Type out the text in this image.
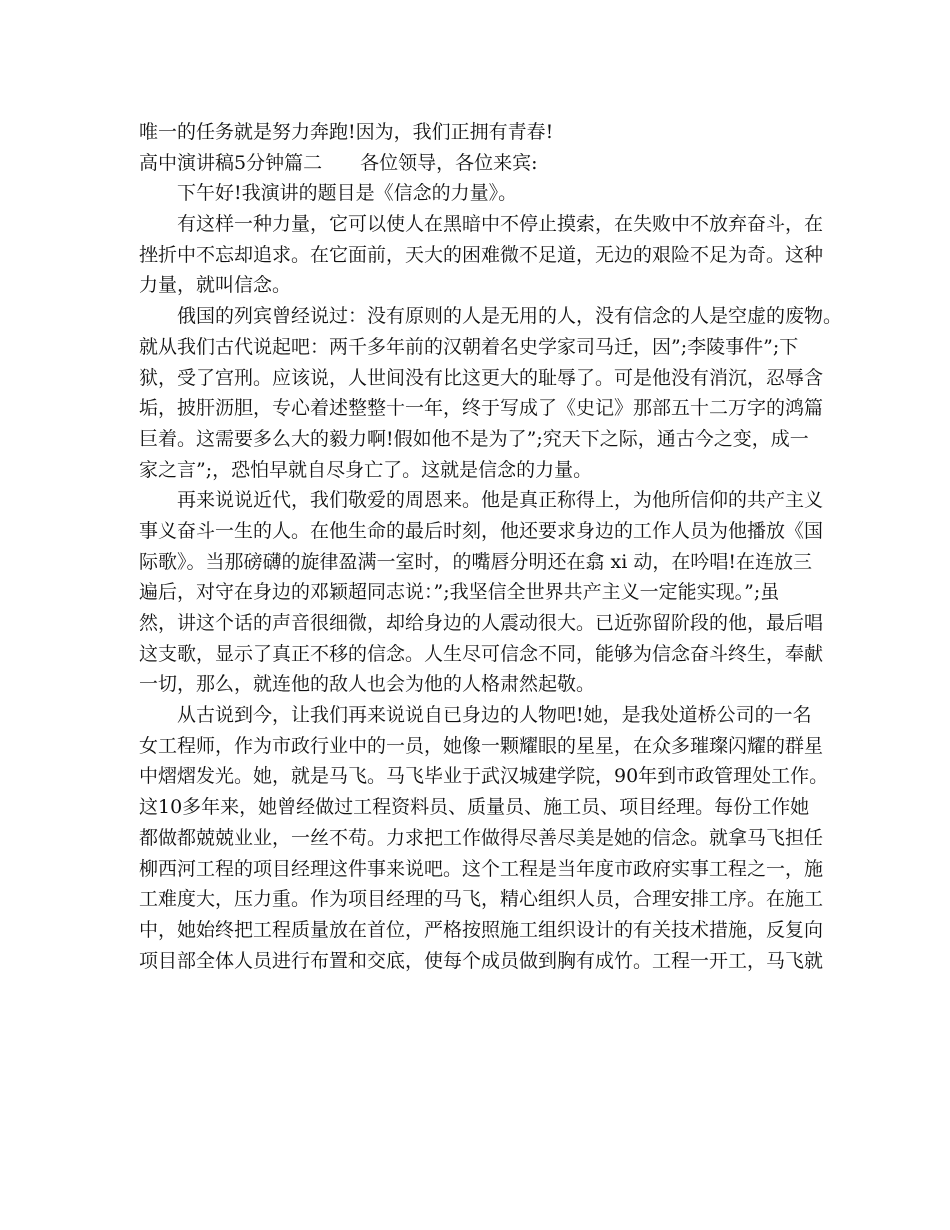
唯一的任务就是努力奔跑!因为，我们正拥有青春!
高中演讲稿5分钟篇二 各位领导，各位来宾:
下午好!我演讲的题目是《信念的力量》。
有这样一种力量，它可以使人在黑暗中不停止摸索，在失败中不放弃奋斗，在
挫折中不忘却追求。在它面前，天大的困难微不足道，无边的艰险不足为奇。这种
力量，就叫信念。
俄国的列宾曾经说过：没有原则的人是无用的人，没有信念的人是空虚的废物。
就从我们古代说起吧：两千多年前的汉朝着名史学家司马迁，因”;李陵事件”;下
狱，受了宫刑。应该说，人世间没有比这更大的耻辱了。可是他没有消沉，忍辱含
垢，披肝沥胆，专心着述整整十一年，终于写成了《史记》那部五十二万字的鸿篇
巨着。这需要多么大的毅力啊!假如他不是为了”;究天下之际，通古今之变，成一
家之言”;，恐怕早就自尽身亡了。这就是信念的力量。
再来说说近代，我们敬爱的周恩来。他是真正称得上，为他所信仰的共产主义
事义奋斗一生的人。在他生命的最后时刻，他还要求身边的工作人员为他播放《国
际歌》。当那磅礴的旋律盈满一室时，的嘴唇分明还在翕 xi 动，在吟唱!在连放三
遍后，对守在身边的邓颖超同志说：”;我坚信全世界共产主义一定能实现。”;虽
然，讲这个话的声音很细微，却给身边的人震动很大。已近弥留阶段的他，最后唱
这支歌，显示了真正不移的信念。人生尽可信念不同，能够为信念奋斗终生，奉献
一切，那么，就连他的敌人也会为他的人格肃然起敬。
从古说到今，让我们再来说说自已身边的人物吧!她，是我处道桥公司的一名
女工程师，作为市政行业中的一员，她像一颗耀眼的星星，在众多璀璨闪耀的群星
中熠熠发光。她，就是马飞。马飞毕业于武汉城建学院，90年到市政管理处工作。
这10多年来，她曾经做过工程资料员、质量员、施工员、项目经理。每份工作她
都做都兢兢业业，一丝不苟。力求把工作做得尽善尽美是她的信念。就拿马飞担任
柳西河工程的项目经理这件事来说吧。这个工程是当年度市政府实事工程之一，施
工难度大，压力重。作为项目经理的马飞，精心组织人员，合理安排工序。在施工
中，她始终把工程质量放在首位，严格按照施工组织设计的有关技术措施，反复向
项目部全体人员进行布置和交底，使每个成员做到胸有成竹。工程一开工，马飞就
